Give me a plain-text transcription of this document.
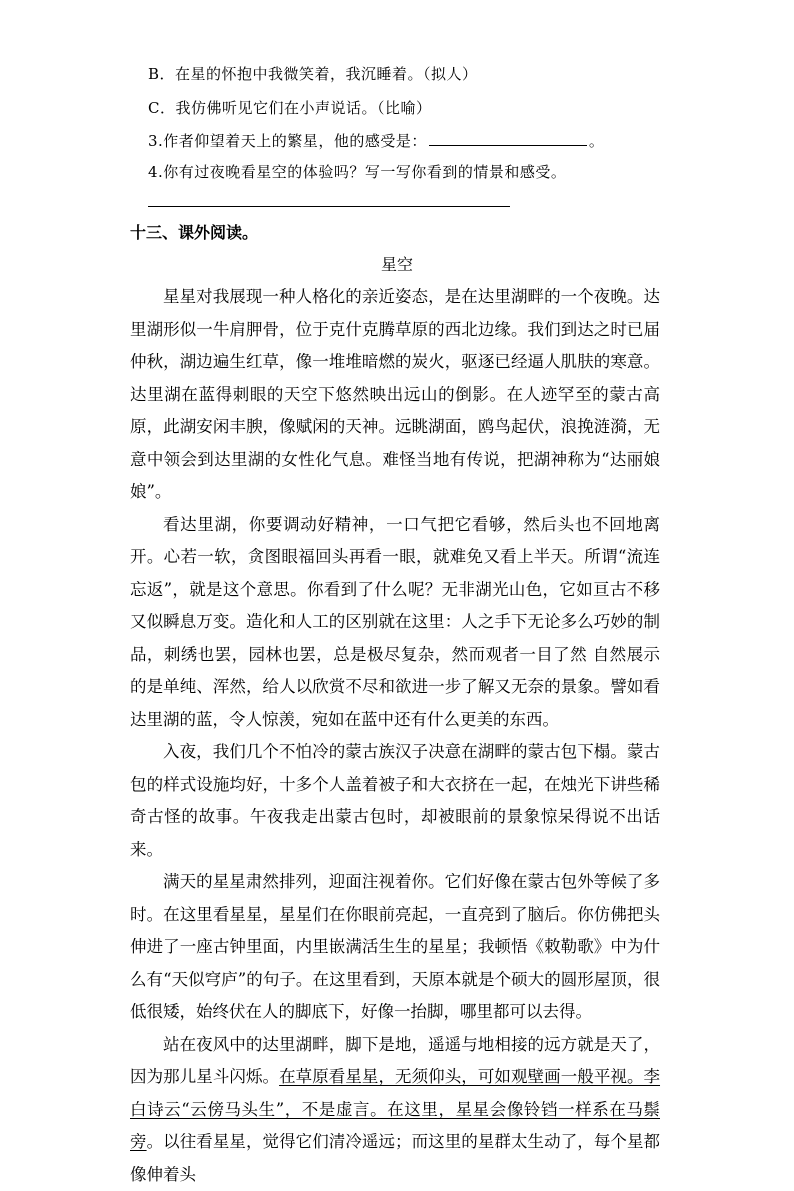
B．在星的怀抱中我微笑着，我沉睡着。（拟人）
C．我仿佛听见它们在小声说话。（比喻）
3.作者仰望着天上的繁星，他的感受是：	。
4.你有过夜晚看星空的体验吗？写一写你看到的情景和感受。
十三、课外阅读。
星空

星星对我展现一种人格化的亲近姿态，是在达里湖畔的一个夜晚。达里湖形似一牛肩胛骨，位于克什克腾草原的西北边缘。我们到达之时已届仲秋，湖边遍生红草，像一堆堆暗燃的炭火，驱逐已经逼人肌肤的寒意。达里湖在蓝得刺眼的天空下悠然映出远山的倒影。在人迹罕至的蒙古高原，此湖安闲丰腴，像赋闲的天神。远眺湖面，鸥鸟起伏，浪挽涟漪，无意中领会到达里湖的女性化气息。难怪当地有传说，把湖神称为“达丽娘娘”。

看达里湖，你要调动好精神，一口气把它看够，然后头也不回地离开。心若一软，贪图眼福回头再看一眼，就难免又看上半天。所谓“流连忘返”，就是这个意思。你看到了什么呢？无非湖光山色，它如亘古不移又似瞬息万变。造化和人工的区别就在这里：人之手下无论多么巧妙的制品，刺绣也罢，园林也罢，总是极尽复杂，然而观者一目了然 自然展示的是单纯、浑然，给人以欣赏不尽和欲进一步了解又无奈的景象。譬如看达里湖的蓝，令人惊羡，宛如在蓝中还有什么更美的东西。

入夜，我们几个不怕冷的蒙古族汉子决意在湖畔的蒙古包下榻。蒙古包的样式设施均好，十多个人盖着被子和大衣挤在一起，在烛光下讲些稀奇古怪的故事。午夜我走出蒙古包时，却被眼前的景象惊呆得说不出话来。

满天的星星肃然排列，迎面注视着你。它们好像在蒙古包外等候了多时。在这里看星星，星星们在你眼前亮起，一直亮到了脑后。你仿佛把头伸进了一座古钟里面，内里嵌满活生生的星星；我顿悟《敕勒歌》中为什么有“天似穹庐”的句子。在这里看到，天原本就是个硕大的圆形屋顶，很低很矮，始终伏在人的脚底下，好像一抬脚，哪里都可以去得。

站在夜风中的达里湖畔，脚下是地，遥遥与地相接的远方就是天了，因为那儿星斗闪烁。在草原看星星，无须仰头，可如观壁画一般平视。李白诗云“云傍马头生”，不是虚言。在这里，星星会像铃铛一样系在马鬃旁。以往看星星，觉得它们清冷遥远；而这里的星群太生动了，每个星都像伸着头
